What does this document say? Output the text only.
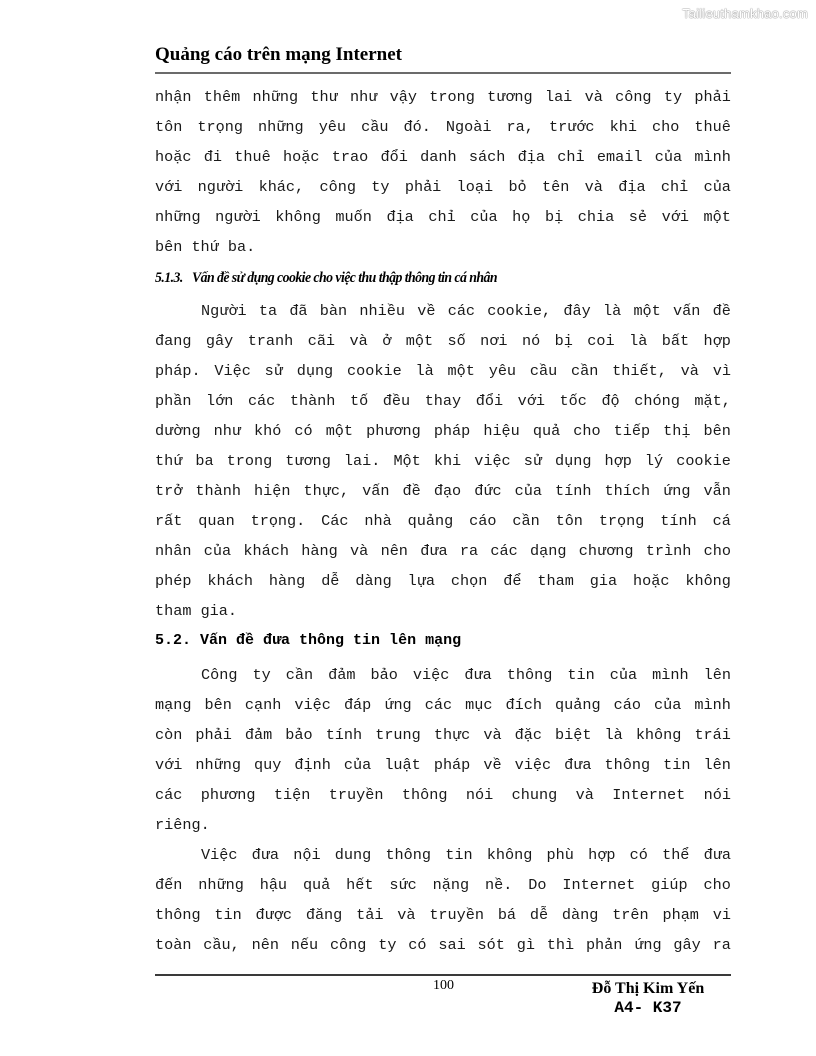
Tailieuthamkhao.com
Quảng cáo trên mạng Internet
nhận thêm những thư như vậy trong tương lai và công ty phải
tôn trọng những yêu cầu đó. Ngoài ra, trước khi cho thuê
hoặc đi thuê hoặc trao đổi danh sách địa chỉ email của mình
với người khác, công ty phải loại bỏ tên và địa chỉ của
những người không muốn địa chỉ của họ bị chia sẻ với một
bên thứ ba.
5.1.3. Vấn đề sử dụng cookie cho việc thu thập thông tin cá nhân
Người ta đã bàn nhiều về các cookie, đây là một vấn đề
đang gây tranh cãi và ở một số nơi nó bị coi là bất hợp
pháp. Việc sử dụng cookie là một yêu cầu cần thiết, và vì
phần lớn các thành tố đều thay đổi với tốc độ chóng mặt,
dường như khó có một phương pháp hiệu quả cho tiếp thị bên
thứ ba trong tương lai. Một khi việc sử dụng hợp lý cookie
trở thành hiện thực, vấn đề đạo đức của tính thích ứng vẫn
rất quan trọng. Các nhà quảng cáo cần tôn trọng tính cá
nhân của khách hàng và nên đưa ra các dạng chương trình cho
phép khách hàng dễ dàng lựa chọn để tham gia hoặc không
tham gia.
5.2. Vấn đề đưa thông tin lên mạng
Công ty cần đảm bảo việc đưa thông tin của mình lên
mạng bên cạnh việc đáp ứng các mục đích quảng cáo của mình
còn phải đảm bảo tính trung thực và đặc biệt là không trái
với những quy định của luật pháp về việc đưa thông tin lên
các phương tiện truyền thông nói chung và Internet nói
riêng.
Việc đưa nội dung thông tin không phù hợp có thể đưa
đến những hậu quả hết sức nặng nề. Do Internet giúp cho
thông tin được đăng tải và truyền bá dễ dàng trên phạm vi
toàn cầu, nên nếu công ty có sai sót gì thì phản ứng gây ra
100	Đỗ Thị Kim Yến
A4- K37
